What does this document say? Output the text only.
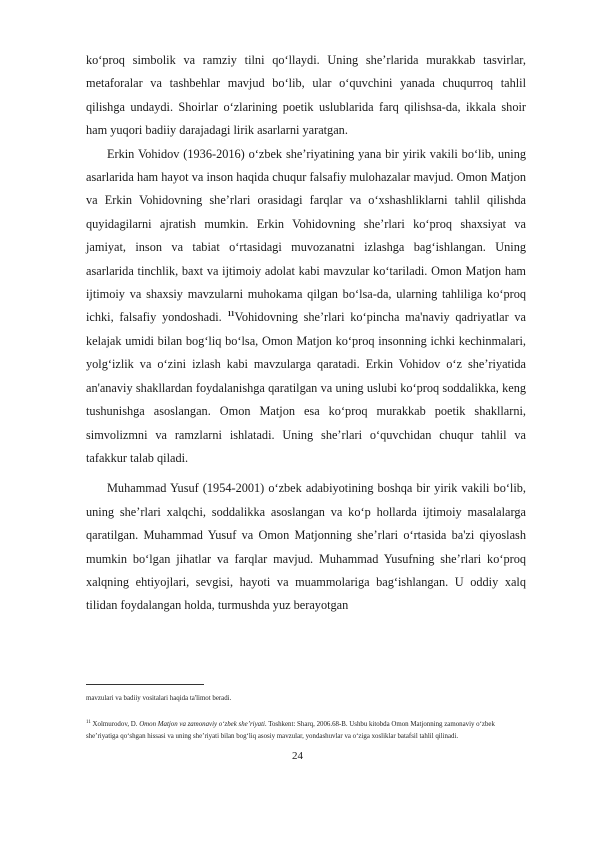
ko‘proq simbolik va ramziy tilni qo‘llaydi. Uning she’rlarida murakkab tasvirlar, metaforalar va tashbehlar mavjud bo‘lib, ular o‘quvchini yanada chuqurroq tahlil qilishga undaydi. Shoirlar o‘zlarining poetik uslublarida farq qilishsa-da, ikkala shoir ham yuqori badiiy darajadagi lirik asarlarni yaratgan.

Erkin Vohidov (1936-2016) o‘zbek she’riyatining yana bir yirik vakili bo‘lib, uning asarlarida ham hayot va inson haqida chuqur falsafiy mulohazalar mavjud. Omon Matjon va Erkin Vohidovning she’rlari orasidagi farqlar va o‘xshashliklarni tahlil qilishda quyidagilarni ajratish mumkin. Erkin Vohidovning she’rlari ko‘proq shaxsiyat va jamiyat, inson va tabiat o‘rtasidagi muvozanatni izlashga bag‘ishlangan. Uning asarlarida tinchlik, baxt va ijtimoiy adolat kabi mavzular ko‘tariladi. Omon Matjon ham ijtimoiy va shaxsiy mavzularni muhokama qilgan bo‘lsa-da, ularning tahliliga ko‘proq ichki, falsafiy yondoshadi. $^{11}$Vohidovning she’rlari ko‘pincha ma'naviy qadriyatlar va kelajak umidi bilan bog‘liq bo‘lsa, Omon Matjon ko‘proq insonning ichki kechinmalari, yolg‘izlik va o‘zini izlash kabi mavzularga qaratadi. Erkin Vohidov o‘z she’riyatida an'anaviy shakllardan foydalanishga qaratilgan va uning uslubi ko‘proq soddalikka, keng tushunishga asoslangan. Omon Matjon esa ko‘proq murakkab poetik shakllarni, simvolizmni va ramzlarni ishlatadi. Uning she’rlari o‘quvchidan chuqur tahlil va tafakkur talab qiladi.

Muhammad Yusuf (1954-2001) o‘zbek adabiyotining boshqa bir yirik vakili bo‘lib, uning she’rlari xalqchi, soddalikka asoslangan va ko‘p hollarda ijtimoiy masalalarga qaratilgan. Muhammad Yusuf va Omon Matjonning she’rlari o‘rtasida ba'zi qiyoslash mumkin bo‘lgan jihatlar va farqlar mavjud. Muhammad Yusufning she’rlari ko‘proq xalqning ehtiyojlari, sevgisi, hayoti va muammolariga bag‘ishlangan. U oddiy xalq tilidan foydalangan holda, turmushda yuz berayotgan

mavzulari va badiiy vositalari haqida ta'limot beradi.

$^{11}$ Xolmurodov, D. Omon Matjon va zamonaviy o‘zbek she’riyati. Toshkent: Sharq, 2006.68-B. Ushbu kitobda Omon Matjonning zamonaviy o‘zbek she’riyatiga qo‘shgan hissasi va uning she’riyati bilan bog‘liq asosiy mavzular, yondashuvlar va o‘ziga xosliklar batafsil tahlil qilinadi.

24
